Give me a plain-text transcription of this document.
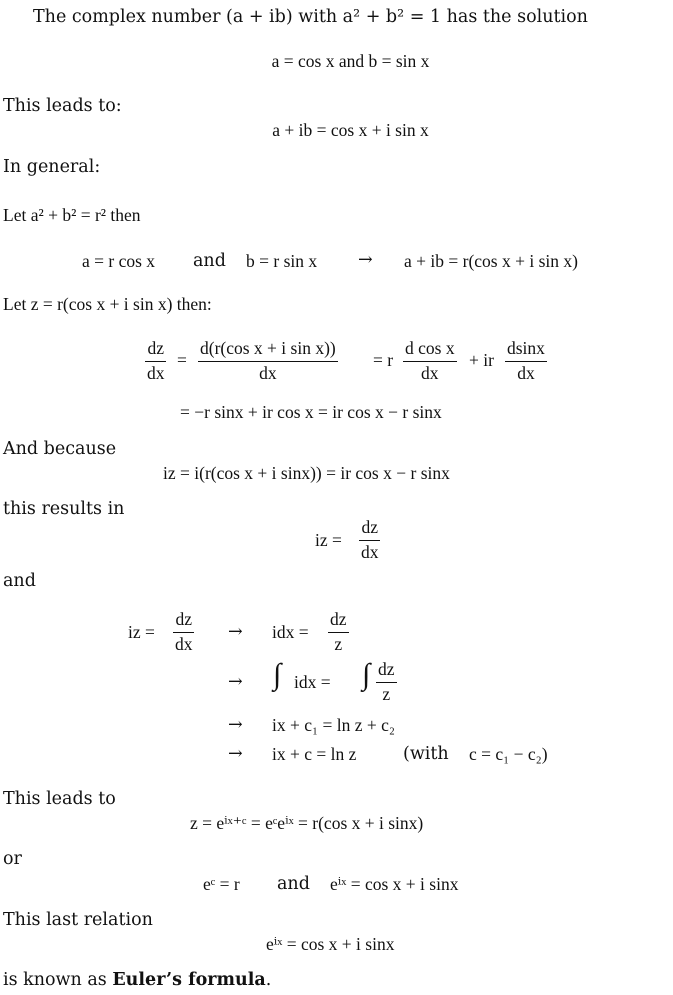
The complex number (a + ib) with a² + b² = 1 has the solution
a = cos x and b = sin x
This leads to:
a + ib = cos x + i sin x
In general:
Let a² + b² = r² then
a = r cos x and b = r sin x → a + ib = r(cos x + i sin x)
Let z = r(cos x + i sin x) then:
$\frac{dz}{dx} = \frac{\text{d(r(cos x + i sin x))}}{dx} = r \frac{\text{d cos x}}{dx}$ + ir $\frac{dsinx}{dx}$
= −r sinx + ir cos x = ir cos x − r sinx
And because
iz = i(r(cos x + i sinx)) = ir cos x − r sinx
this results in
iz = $\frac{dz}{dx}$
and
iz = $\frac{dz}{dx}$ → idx = $\frac{dz}{z}$
→ ∫ idx = ∫ $\frac{dz}{z}$
→ ix + c₁ = ln z + c₂
→ ix + c = ln z	(with c = c₁ − c₂)
This leads to
z = eⁱˣ⁺ᶜ = eᶜeⁱˣ = r(cos x + i sinx)
or
eᶜ = r and eⁱˣ = cos x + i sinx
This last relation
eⁱˣ = cos x + i sinx
is known as Euler’s formula.
